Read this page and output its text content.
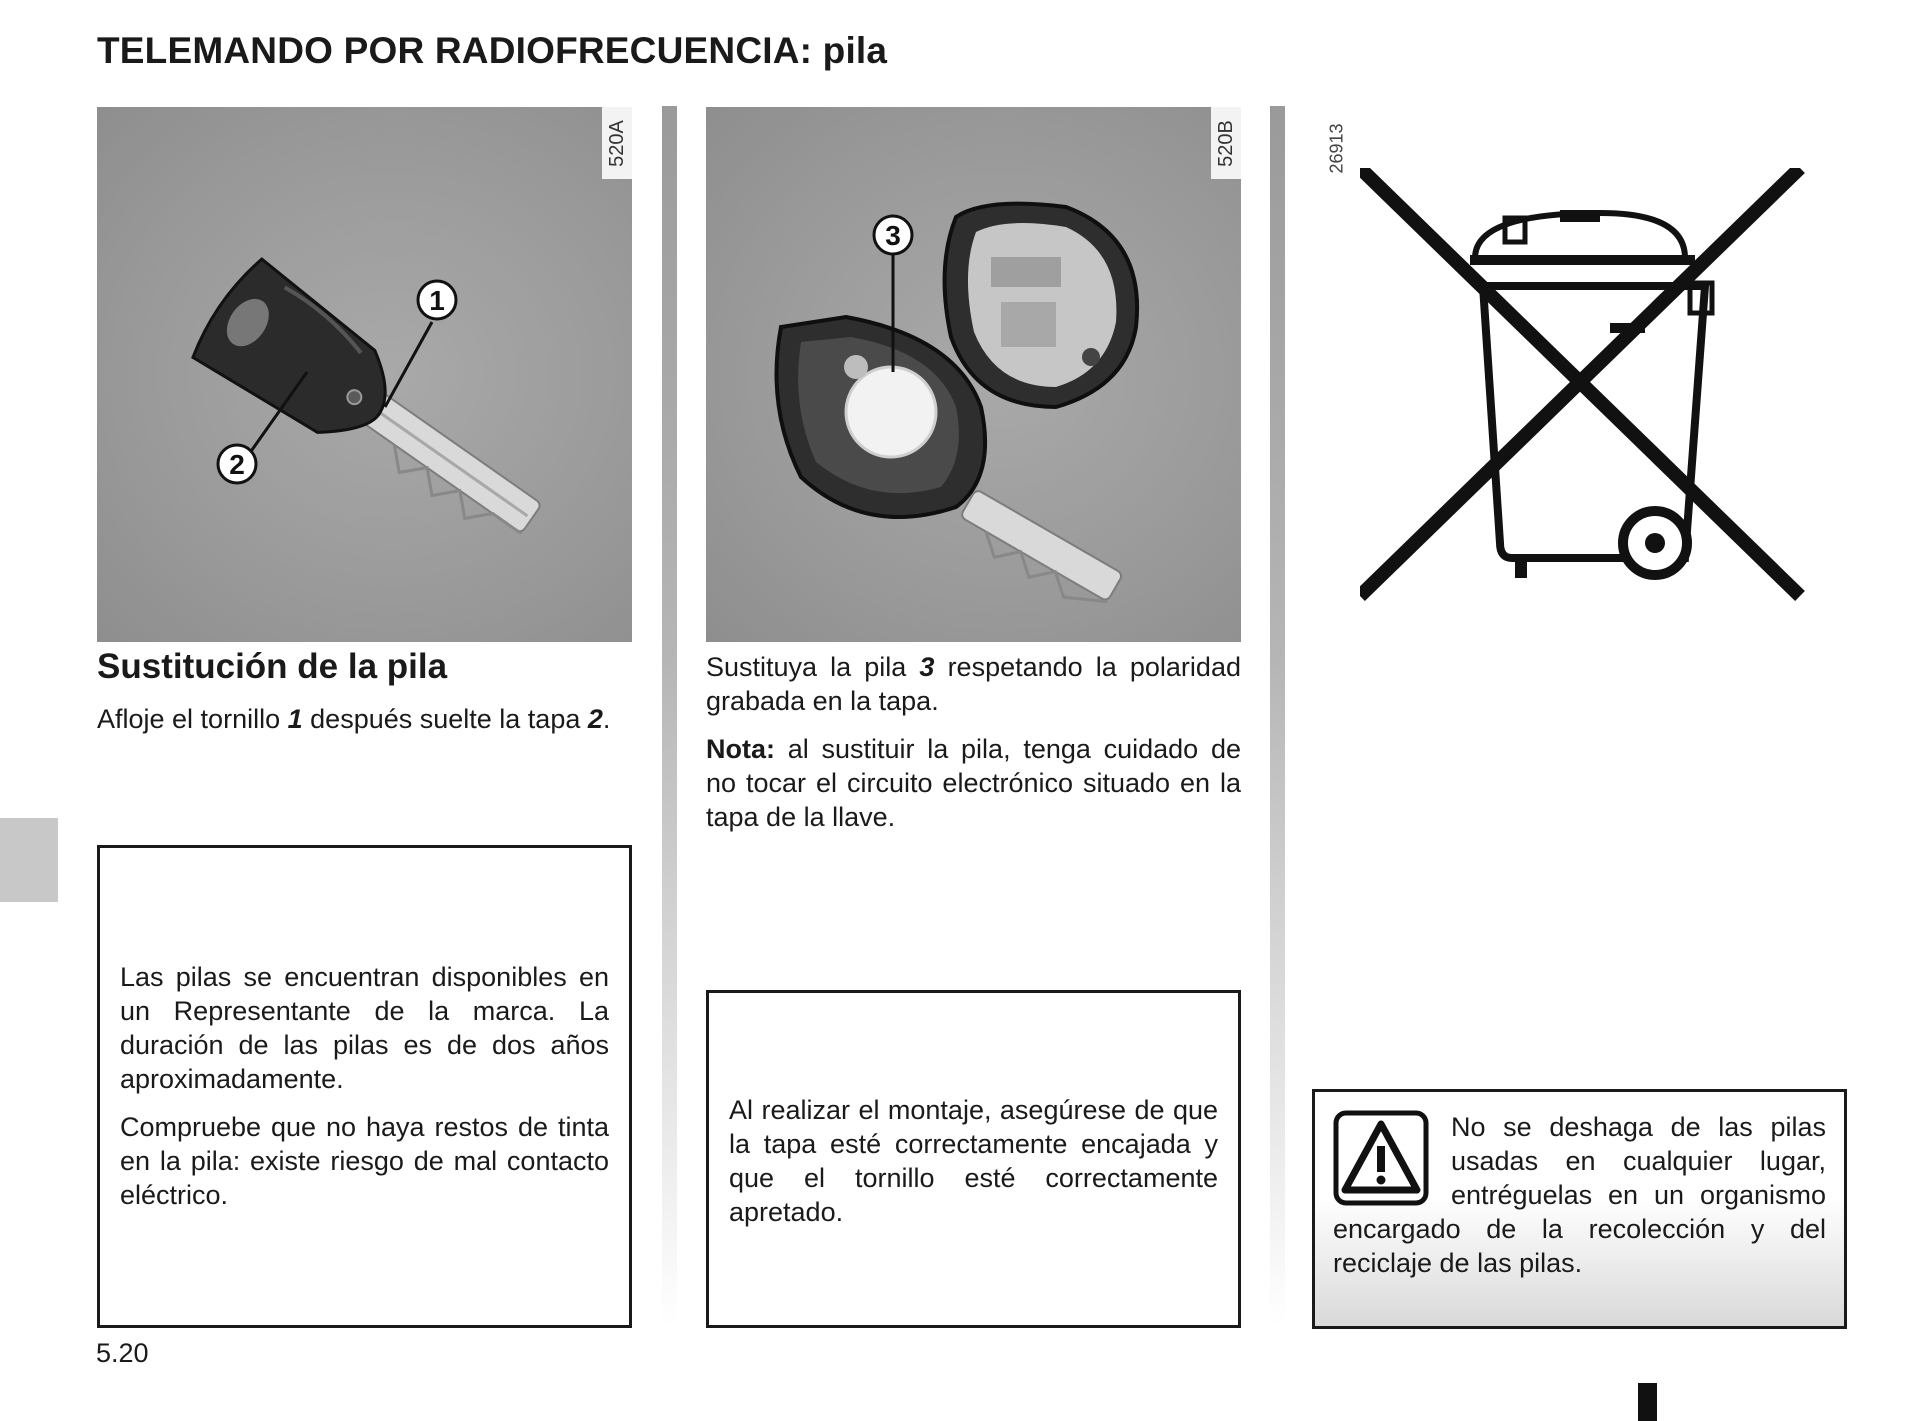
TELEMANDO POR RADIOFRECUENCIA: pila
1
2
520A
3
520B	26913
Sustitución de la pila

Afloje el tornillo 1 después suelte la tapa 2.

Las pilas se encuentran disponibles en un Representante de la marca. La duración de las pilas es de dos años aproximadamente.

Compruebe que no haya restos de tinta en la pila: existe riesgo de mal contacto eléctrico.

Sustituya la pila 3 respetando la polaridad grabada en la tapa.

Nota: al sustituir la pila, tenga cuidado de no tocar el circuito electrónico situado en la tapa de la llave.

Al realizar el montaje, asegúrese de que la tapa esté correctamente encajada y que el tornillo esté correctamente apretado.

No se deshaga de las pilas usadas en cualquier lugar, entréguelas en un organismo encargado de la recolección y del reciclaje de las pilas.
5.20
